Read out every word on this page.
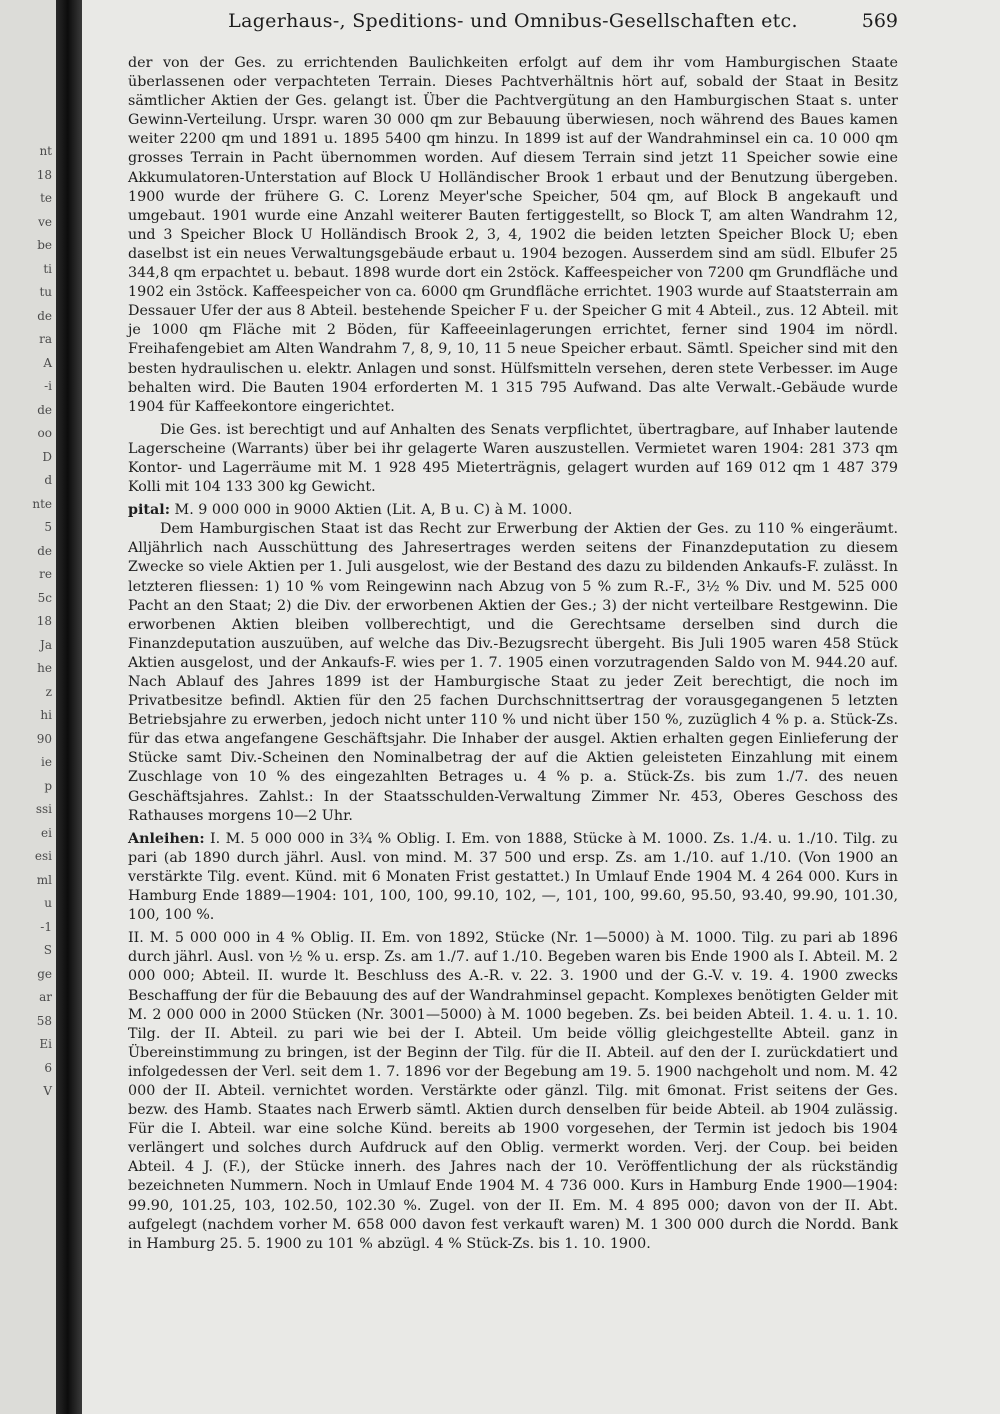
nt
18
te
ve
be
ti
tu
de
ra
A
-i
de
oo
D
d
nte
5
de
re
5c
18
Ja
he
z
hi
90
ie
p
ssi
ei
esi
ml
u
-1
S
ge
ar
58
Ei
6
V
Lagerhaus-, Speditions- und Omnibus-Gesellschaften etc.	569

der von der Ges. zu errichtenden Baulichkeiten erfolgt auf dem ihr vom Hamburgischen Staate überlassenen oder verpachteten Terrain. Dieses Pachtverhältnis hört auf, sobald der Staat in Besitz sämtlicher Aktien der Ges. gelangt ist. Über die Pachtvergütung an den Hamburgischen Staat s. unter Gewinn-Verteilung. Urspr. waren 30 000 qm zur Bebauung überwiesen, noch während des Baues kamen weiter 2200 qm und 1891 u. 1895 5400 qm hinzu. In 1899 ist auf der Wandrahminsel ein ca. 10 000 qm grosses Terrain in Pacht übernommen worden. Auf diesem Terrain sind jetzt 11 Speicher sowie eine Akkumulatoren-Unterstation auf Block U Holländischer Brook 1 erbaut und der Benutzung übergeben. 1900 wurde der frühere G. C. Lorenz Meyer'sche Speicher, 504 qm, auf Block B angekauft und umgebaut. 1901 wurde eine Anzahl weiterer Bauten fertiggestellt, so Block T, am alten Wandrahm 12, und 3 Speicher Block U Holländisch Brook 2, 3, 4, 1902 die beiden letzten Speicher Block U; eben daselbst ist ein neues Verwaltungsgebäude erbaut u. 1904 bezogen. Ausserdem sind am südl. Elbufer 25 344,8 qm erpachtet u. bebaut. 1898 wurde dort ein 2stöck. Kaffeespeicher von 7200 qm Grundfläche und 1902 ein 3stöck. Kaffeespeicher von ca. 6000 qm Grundfläche errichtet. 1903 wurde auf Staatsterrain am Dessauer Ufer der aus 8 Abteil. bestehende Speicher F u. der Speicher G mit 4 Abteil., zus. 12 Abteil. mit je 1000 qm Fläche mit 2 Böden, für Kaffeeeinlagerungen errichtet, ferner sind 1904 im nördl. Freihafengebiet am Alten Wandrahm 7, 8, 9, 10, 11 5 neue Speicher erbaut. Sämtl. Speicher sind mit den besten hydraulischen u. elektr. Anlagen und sonst. Hülfsmitteln versehen, deren stete Verbesser. im Auge behalten wird. Die Bauten 1904 erforderten M. 1 315 795 Aufwand. Das alte Verwalt.-Gebäude wurde 1904 für Kaffeekontore eingerichtet.

Die Ges. ist berechtigt und auf Anhalten des Senats verpflichtet, übertragbare, auf Inhaber lautende Lagerscheine (Warrants) über bei ihr gelagerte Waren auszustellen. Vermietet waren 1904: 281 373 qm Kontor- und Lagerräume mit M. 1 928 495 Mieterträgnis, gelagert wurden auf 169 012 qm 1 487 379 Kolli mit 104 133 300 kg Gewicht.

pital: M. 9 000 000 in 9000 Aktien (Lit. A, B u. C) à M. 1000.

Dem Hamburgischen Staat ist das Recht zur Erwerbung der Aktien der Ges. zu 110 % eingeräumt. Alljährlich nach Ausschüttung des Jahresertrages werden seitens der Finanzdeputation zu diesem Zwecke so viele Aktien per 1. Juli ausgelost, wie der Bestand des dazu zu bildenden Ankaufs-F. zulässt. In letzteren fliessen: 1) 10 % vom Reingewinn nach Abzug von 5 % zum R.-F., 3½ % Div. und M. 525 000 Pacht an den Staat; 2) die Div. der erworbenen Aktien der Ges.; 3) der nicht verteilbare Restgewinn. Die erworbenen Aktien bleiben vollberechtigt, und die Gerechtsame derselben sind durch die Finanzdeputation auszuüben, auf welche das Div.-Bezugsrecht übergeht. Bis Juli 1905 waren 458 Stück Aktien ausgelost, und der Ankaufs-F. wies per 1. 7. 1905 einen vorzutragenden Saldo von M. 944.20 auf. Nach Ablauf des Jahres 1899 ist der Hamburgische Staat zu jeder Zeit berechtigt, die noch im Privatbesitze befindl. Aktien für den 25 fachen Durchschnittsertrag der vorausgegangenen 5 letzten Betriebsjahre zu erwerben, jedoch nicht unter 110 % und nicht über 150 %, zuzüglich 4 % p. a. Stück-Zs. für das etwa angefangene Geschäftsjahr. Die Inhaber der ausgel. Aktien erhalten gegen Einlieferung der Stücke samt Div.-Scheinen den Nominalbetrag der auf die Aktien geleisteten Einzahlung mit einem Zuschlage von 10 % des eingezahlten Betrages u. 4 % p. a. Stück-Zs. bis zum 1./7. des neuen Geschäftsjahres. Zahlst.: In der Staatsschulden-Verwaltung Zimmer Nr. 453, Oberes Geschoss des Rathauses morgens 10—2 Uhr.

Anleihen: I. M. 5 000 000 in 3¾ % Oblig. I. Em. von 1888, Stücke à M. 1000. Zs. 1./4. u. 1./10. Tilg. zu pari (ab 1890 durch jährl. Ausl. von mind. M. 37 500 und ersp. Zs. am 1./10. auf 1./10. (Von 1900 an verstärkte Tilg. event. Künd. mit 6 Monaten Frist gestattet.) In Umlauf Ende 1904 M. 4 264 000. Kurs in Hamburg Ende 1889—1904: 101, 100, 100, 99.10, 102, —, 101, 100, 99.60, 95.50, 93.40, 99.90, 101.30, 100, 100 %.

II. M. 5 000 000 in 4 % Oblig. II. Em. von 1892, Stücke (Nr. 1—5000) à M. 1000. Tilg. zu pari ab 1896 durch jährl. Ausl. von ½ % u. ersp. Zs. am 1./7. auf 1./10. Begeben waren bis Ende 1900 als I. Abteil. M. 2 000 000; Abteil. II. wurde lt. Beschluss des A.-R. v. 22. 3. 1900 und der G.-V. v. 19. 4. 1900 zwecks Beschaffung der für die Bebauung des auf der Wandrahminsel gepacht. Komplexes benötigten Gelder mit M. 2 000 000 in 2000 Stücken (Nr. 3001—5000) à M. 1000 begeben. Zs. bei beiden Abteil. 1. 4. u. 1. 10. Tilg. der II. Abteil. zu pari wie bei der I. Abteil. Um beide völlig gleichgestellte Abteil. ganz in Übereinstimmung zu bringen, ist der Beginn der Tilg. für die II. Abteil. auf den der I. zurückdatiert und infolgedessen der Verl. seit dem 1. 7. 1896 vor der Begebung am 19. 5. 1900 nachgeholt und nom. M. 42 000 der II. Abteil. vernichtet worden. Verstärkte oder gänzl. Tilg. mit 6monat. Frist seitens der Ges. bezw. des Hamb. Staates nach Erwerb sämtl. Aktien durch denselben für beide Abteil. ab 1904 zulässig. Für die I. Abteil. war eine solche Künd. bereits ab 1900 vorgesehen, der Termin ist jedoch bis 1904 verlängert und solches durch Aufdruck auf den Oblig. vermerkt worden. Verj. der Coup. bei beiden Abteil. 4 J. (F.), der Stücke innerh. des Jahres nach der 10. Veröffentlichung der als rückständig bezeichneten Nummern. Noch in Umlauf Ende 1904 M. 4 736 000. Kurs in Hamburg Ende 1900—1904: 99.90, 101.25, 103, 102.50, 102.30 %. Zugel. von der II. Em. M. 4 895 000; davon von der II. Abt. aufgelegt (nachdem vorher M. 658 000 davon fest verkauft waren) M. 1 300 000 durch die Nordd. Bank in Hamburg 25. 5. 1900 zu 101 % abzügl. 4 % Stück-Zs. bis 1. 10. 1900.
